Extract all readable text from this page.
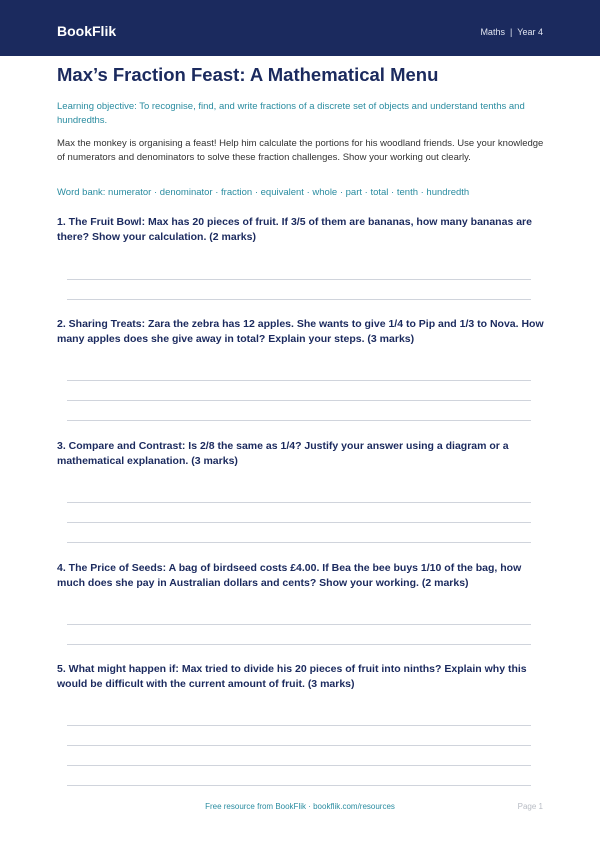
BookFlik	Maths | Year 4
Max’s Fraction Feast: A Mathematical Menu

Learning objective: To recognise, find, and write fractions of a discrete set of objects and understand tenths and hundredths.

Max the monkey is organising a feast! Help him calculate the portions for his woodland friends. Use your knowledge of numerators and denominators to solve these fraction challenges. Show your working out clearly.

Word bank: numerator · denominator · fraction · equivalent · whole · part · total · tenth · hundredth

1. The Fruit Bowl: Max has 20 pieces of fruit. If 3/5 of them are bananas, how many bananas are there? Show your calculation. (2 marks)

2. Sharing Treats: Zara the zebra has 12 apples. She wants to give 1/4 to Pip and 1/3 to Nova. How many apples does she give away in total? Explain your steps. (3 marks)

3. Compare and Contrast: Is 2/8 the same as 1/4? Justify your answer using a diagram or a mathematical explanation. (3 marks)

4. The Price of Seeds: A bag of birdseed costs £4.00. If Bea the bee buys 1/10 of the bag, how much does she pay in Australian dollars and cents? Show your working. (2 marks)

5. What might happen if: Max tried to divide his 20 pieces of fruit into ninths? Explain why this would be difficult with the current amount of fruit. (3 marks)

Free resource from BookFlik · bookflik.com/resources	Page 1
